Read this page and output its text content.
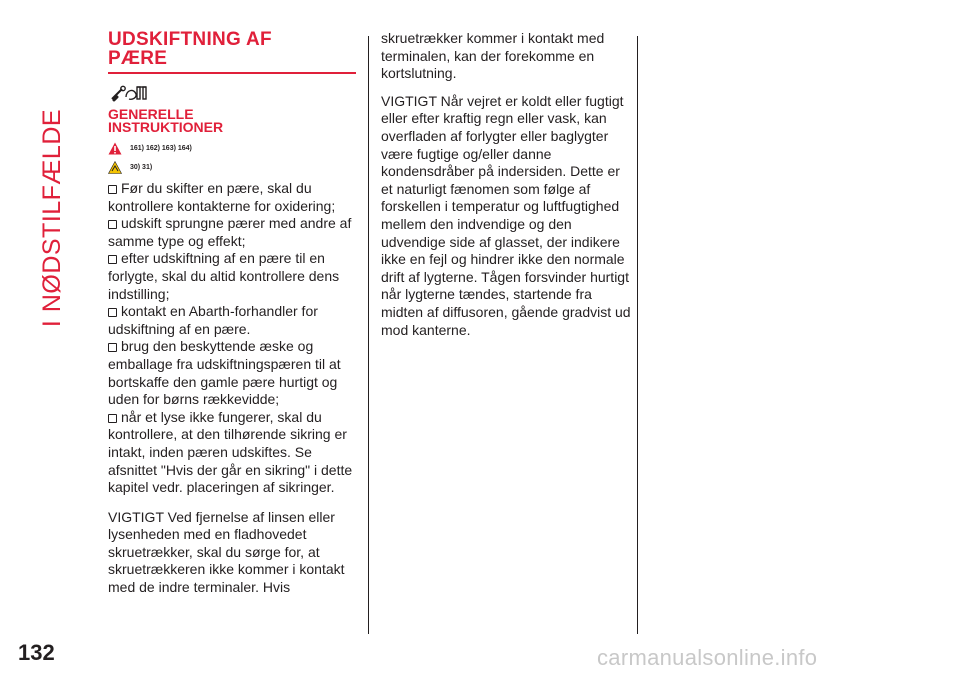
I NØDSTILFÆLDE
132
UDSKIFTNING AF
PÆRE
GENERELLE
INSTRUKTIONER
161) 162) 163) 164)
30) 31)

Før du skifter en pære, skal du kontrollere kontakterne for oxidering;

udskift sprungne pærer med andre af samme type og effekt;

efter udskiftning af en pære til en forlygte, skal du altid kontrollere dens indstilling;

kontakt en Abarth-forhandler for udskiftning af en pære.

brug den beskyttende æske og emballage fra udskiftningspæren til at bortskaffe den gamle pære hurtigt og uden for børns rækkevidde;

når et lyse ikke fungerer, skal du kontrollere, at den tilhørende sikring er intakt, inden pæren udskiftes. Se afsnittet "Hvis der går en sikring" i dette kapitel vedr. placeringen af sikringer.

VIGTIGT Ved fjernelse af linsen eller lysenheden med en fladhovedet skruetrækker, skal du sørge for, at skruetrækkeren ikke kommer i kontakt med de indre terminaler. Hvis

skruetrækker kommer i kontakt med terminalen, kan der forekomme en kortslutning.

VIGTIGT Når vejret er koldt eller fugtigt eller efter kraftig regn eller vask, kan overfladen af forlygter eller baglygter være fugtige og/eller danne kondensdråber på indersiden. Dette er et naturligt fænomen som følge af forskellen i temperatur og luftfugtighed mellem den indvendige og den udvendige side af glasset, der indikere ikke en fejl og hindrer ikke den normale drift af lygterne. Tågen forsvinder hurtigt når lygterne tændes, startende fra midten af diffusoren, gående gradvist ud mod kanterne.

carmanualsonline.info
